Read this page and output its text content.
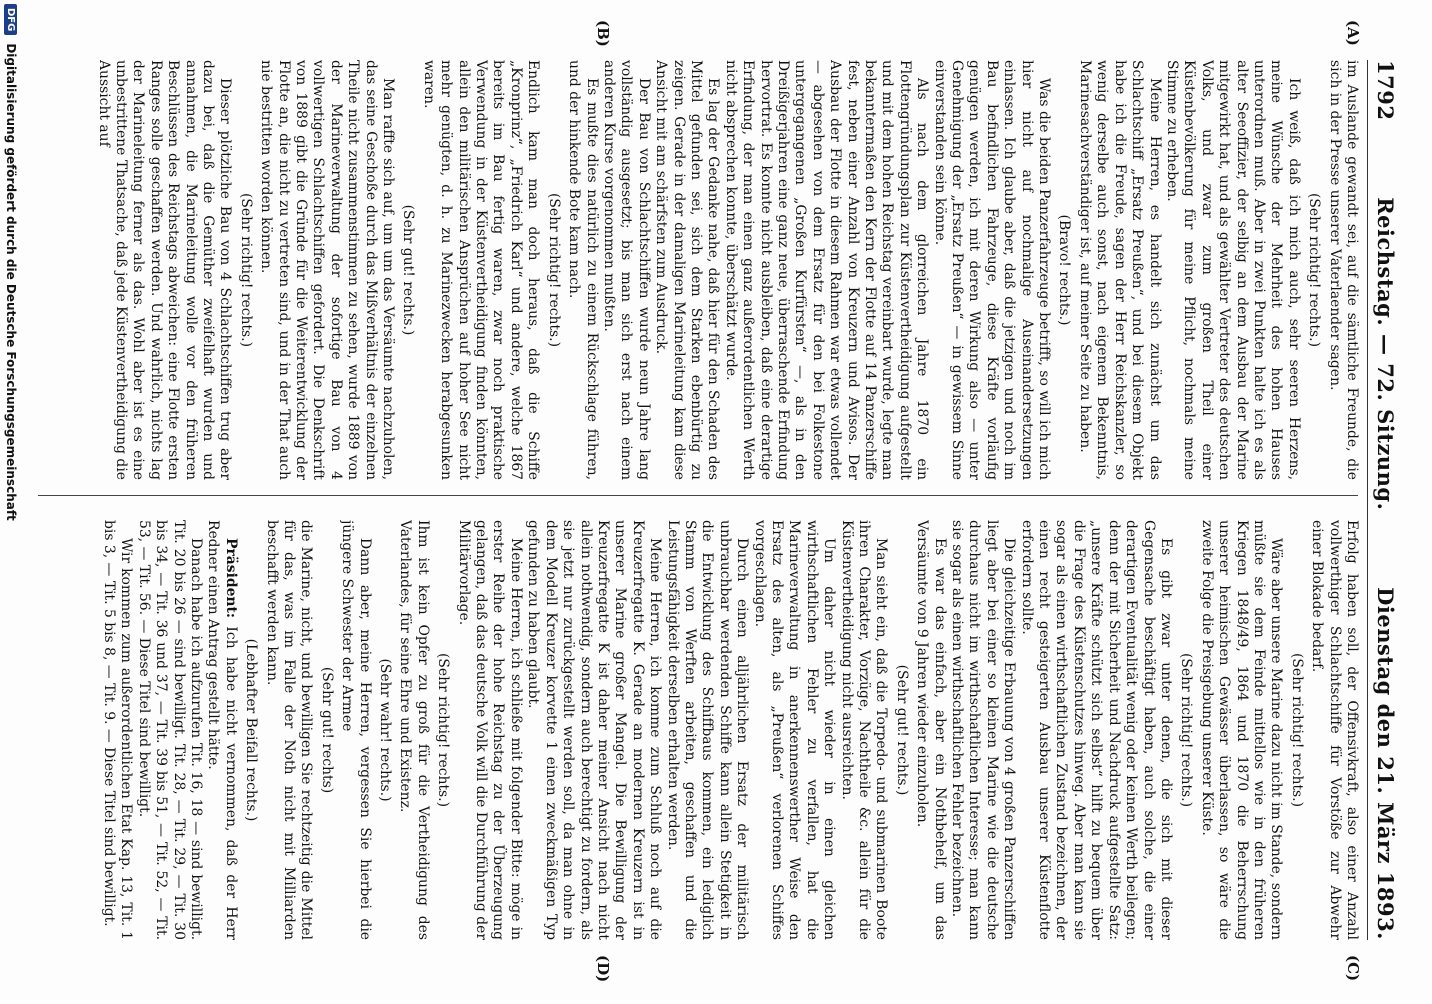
1792
Reichstag. — 72. Sitzung.
Dienstag den 21. März 1893.
(A)
(B)
(C)
(D)

im Auslande gewandt sei, auf die sämtliche Freunde, die sich in der Presse unserer Vaterlaender sagen.

(Sehr richtig! rechts.)

Ich weiß, daß ich mich auch, sehr seeren Herzens, meine Wünsche der Mehrheit des hohen Hauses unterordnen muß. Aber in zwei Punkten halte ich es als alter Seeoffizier, der selbig an dem Ausbau der Marine mitgewirkt hat, und als gewählter Vertreter des deutschen Volks, und zwar zum großen Theil einer Küstenbevölkerung für meine Pflicht, nochmals meine Stimme zu erheben.

Meine Herren, es handelt sich zunächst um das Schlachtschiff „Ersatz Preußen“, und bei diesem Objekt habe ich die Freude, sagen der Herr Reichskanzler, so wenig derselbe auch sonst, nach eigenem Bekenntnis, Marinesachverständiger ist, auf meiner Seite zu haben.

(Bravo! rechts.)

Was die beiden Panzerfahrzeuge betrifft, so will ich mich hier nicht auf nochmalige Auseinandersetzungen einlassen. Ich glaube aber, daß die jetzigen und noch im Bau befindlichen Fahrzeuge, diese Kräfte vorläufig genügen werden, ich mit deren Wirkung also — unter Genehmigung der „Ersatz Preußen“ — in gewissem Sinne einverstanden sein könne.

Als nach dem glorreichen Jahre 1870 ein Flottengründungsplan zur Küstenvertheidigung aufgestellt und mit dem hohen Reichstag vereinbart wurde, legte man bekanntermaßen den Kern der Flotte auf 14 Panzerschiffe fest, neben einer Anzahl von Kreuzern und Avisos. Der Ausbau der Flotte in diesem Rahmen war etwas vollendet — abgesehen von dem Ersatz für den bei Folkestone untergegangenen „Großen Kurfürsten“ —, als in den Dreißigerjahren eine ganz neue, überraschende Erfindung hervortrat. Es konnte nicht ausbleiben, daß eine derartige Erfindung, der man einen ganz außerordentlichen Werth nicht absprechen konnte, überschätzt wurde.

Es lag der Gedanke nahe, daß hier für den Schaden des Mittel gefunden sei, sich dem Starken ebenbürtig zu zeigen. Gerade in der damaligen Marineleitung kam diese Ansicht mit am schärfsten zum Ausdruck.

Der Bau von Schlachtschiffen wurde neun Jahre lang vollständig ausgesetzt; bis man sich erst nach einem anderen Kurse vorgenommen mußten.

Es mußte dies natürlich zu einem Rückschlage führen, und der hinkende Bote kam nach.

(Sehr richtig! rechts.)

Endlich kam man doch heraus, daß die Schiffe „Kronprinz“, „Friedrich Karl“ und andere, welche 1867 bereits im Bau fertig waren, zwar noch praktische Verwendung in der Küstenvertheidigung finden könnten, allein den militärischen Ansprüchen auf hoher See nicht mehr genügten, d. h. zu Marinezwecken herabgesunken waren.

(Sehr gut! rechts.)

Man raffte sich auf, um um das Versäumte nachzuholen, das seine Geschoße durch das Mißverhältnis der einzelnen Theile nicht zusammenstimmen zu sehen, wurde 1889 von der Marineverwaltung der sofortige Bau von 4 vollwertigen Schlachtschiffen gefordert. Die Denkschrift von 1889 gibt die Gründe für die Weiterentwicklung der Flotte an, die nicht zu vertreten sind, und in der That auch nie bestritten worden können.

(Sehr richtig! rechts.)

Dieser plötzliche Bau von 4 Schlachtschiffen trug aber dazu bei, daß die Gemüther zweifelhaft wurden und annahmen, die Marineleitung wolle vor den früheren Beschlüssen des Reichstags abweichen: eine Flotte ersten Ranges solle geschaffen werden. Und wahrlich, nichts lag der Marineleitung ferner als das. Wohl aber ist es eine unbestrittene Thatsache, daß jede Küstenvertheidigung die Aussicht auf

Erfolg haben soll, der Offensivkraft, also einer Anzahl vollwerthiger Schlachtschiffe für Vorstöße zur Abwehr einer Blokade bedarf.

(Sehr richtig! rechts.)

Wäre aber unsere Marine dazu nicht im Stande, sondern müßte sie dem Feinde mittellos wie in den früheren Kriegen 1848/49, 1864 und 1870 die Beherrschung unserer heimischen Gewässer überlassen, so wäre die zweite Folge die Preisgebung unserer Küste.

(Sehr richtig! rechts.)

Es gibt zwar unter denen, die sich mit dieser Gegensache beschäftigt haben, auch solche, die einer derartigen Eventualität wenig oder keinen Werth beilegen; denn der mit Sicherheit und Nachdruck aufgestellte Satz: „unsere Kräfte schützt sich selbst“ hilft zu bequem über die Frage des Küstenschutzes hinweg. Aber man kann sie sogar als einen wirthschaftlichen Zustand bezeichnen, der einen recht gesteigerten Ausbau unserer Küstenflotte erfordern sollte.

Die gleichzeitige Erbauung von 4 großen Panzerschiffen liegt aber bei einer so kleinen Marine wie die deutsche durchaus nicht im wirthschaftlichen Interesse; man kann sie sogar als einen wirthschaftlichen Fehler bezeichnen.

Es war das einfach, aber ein Nothbehelf, um das Versäumte von 9 Jahren wieder einzuholen.

(Sehr gut! rechts.)

Man sieht ein, daß die Torpedo- und submarinen Boote ihren Charakter, Vorzüge, Nachtheile &c. allein für die Küstenvertheidigung nicht ausreichten.

Um daher nicht wieder in einen gleichen wirthschaftlichen Fehler zu verfallen, hat die Marineverwaltung in anerkennenswerther Weise den Ersatz des alten, als „Preußen“ verlorenen Schiffes vorgeschlagen.

Durch einen alljährlichen Ersatz der militärisch unbrauchbar werdenden Schiffe kann allein Stetigkeit in die Entwicklung des Schiffbaus kommen, ein lediglich Stamm von Werften arbeiten, geschaffen und die Leistungsfähigkeit derselben erhalten werden.

Meine Herren, ich komme zum Schluß noch auf die Kreuzerfregatte K. Gerade an modernen Kreuzern ist in unserer Marine großer Mangel. Die Bewilligung der Kreuzerfregatte K ist daher meiner Ansicht nach nicht allein nothwendig, sondern auch berechtigt zu fordern, als sie jetzt nur zurückgestellt werden soll, da man ohne in dem Modell Kreuzer korvette 1 einen zweckmäßigen Typ gefunden zu haben glaubt.

Meine Herren, ich schließe mit folgender Bitte: möge in erster Reihe der hohe Reichstag zu der Überzeugung gelangen, daß das deutsche Volk will die Durchführung der Militärvorlage.

(Sehr richtig! rechts.)

Ihm ist kein Opfer zu groß für die Vertheidigung des Vaterlandes, für seine Ehre und Existenz.

(Sehr wahr! rechts.)

Dann aber, meine Herren, vergessen Sie hierbei die jüngere Schwester der Armee

(Sehr gut! rechts)

die Marine, nicht, und bewilligen Sie rechtzeitig die Mittel für das, was im Falle der Noth nicht mit Milliarden beschafft werden kann.

(Lebhafter Beifall rechts.)

Präsident: Ich habe nicht vernommen, daß der Herr Redner einen Antrag gestellt hätte.

Danach habe ich aufzurufen Tit. 16, 18 — sind bewilligt. Tit. 20 bis 26 — sind bewilligt. Tit. 28, — Tit. 29, — Tit. 30 bis 34, — Tit. 36 und 37, — Tit. 39 bis 51, — Tit. 52, — Tit. 53, — Tit. 56. — Diese Titel sind bewilligt.

Wir kommen zum außerordentlichen Etat Kap. 13, Tit. 1 bis 3, — Tit. 5 bis 8, — Tit. 9. — Diese Titel sind bewilligt.

DFG
Digitalisierung gefördert durch die Deutsche Forschungsgemeinschaft
